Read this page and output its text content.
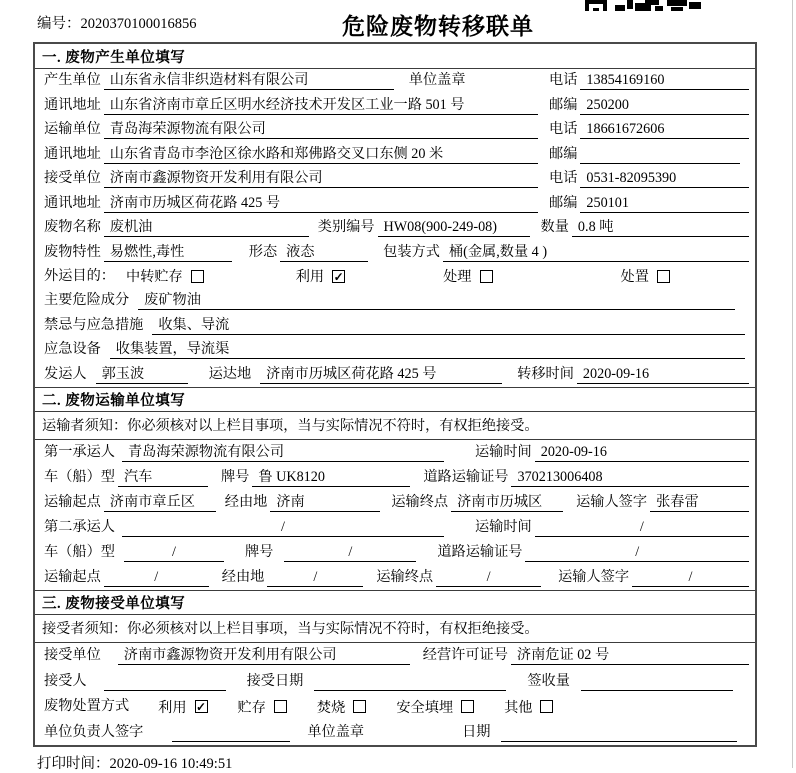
编号：2020370100016856	危险废物转移联单
一. 废物产生单位填写
产生单位 山东省永信非织造材料有限公司	单位盖章	电话 13854169160
通讯地址 山东省济南市章丘区明水经济技术开发区工业一路 501 号	邮编 250200
运输单位 青岛海荣源物流有限公司	电话 18661672606
通讯地址 山东省青岛市李沧区徐水路和郑佛路交叉口东侧 20 米	邮编
接受单位 济南市鑫源物资开发利用有限公司	电话 0531-82095390
通讯地址 济南市历城区荷花路 425 号	邮编 250101
废物名称 废机油	类别编号 HW08(900-249-08)	数量 0.8 吨
废物特性 易燃性,毒性	形态 液态	包装方式 桶(金属,数量 4 )
外运目的： 中转贮存	利用 ✓	处理	处置
主要危险成分	废矿物油
禁忌与应急措施	收集、导流
应急设备	收集装置，导流渠
发运人	郭玉波	运达地	济南市历城区荷花路 425 号	转移时间 2020-09-16
二. 废物运输单位填写
运输者须知：你必须核对以上栏目事项，当与实际情况不符时，有权拒绝接受。
第一承运人 青岛海荣源物流有限公司	运输时间 2020-09-16
车（船）型 汽车	牌号 鲁 UK8120	道路运输证号 370213006408
运输起点 济南市章丘区	经由地 济南	运输终点 济南市历城区	运输人签字 张春雷
第二承运人	/	运输时间	/
车（船）型	/	牌号	/	道路运输证号	/
运输起点	/	经由地	/	运输终点	/	运输人签字	/
三. 废物接受单位填写
接受者须知：你必须核对以上栏目事项，当与实际情况不符时，有权拒绝接受。
接受单位	济南市鑫源物资开发利用有限公司	经营许可证号 济南危证 02 号
接受人	接受日期	签收量
废物处置方式 利用 ✓ 贮存	焚烧	安全填埋	其他
单位负责人签字	单位盖章	日期
打印时间：2020-09-16 10:49:51
